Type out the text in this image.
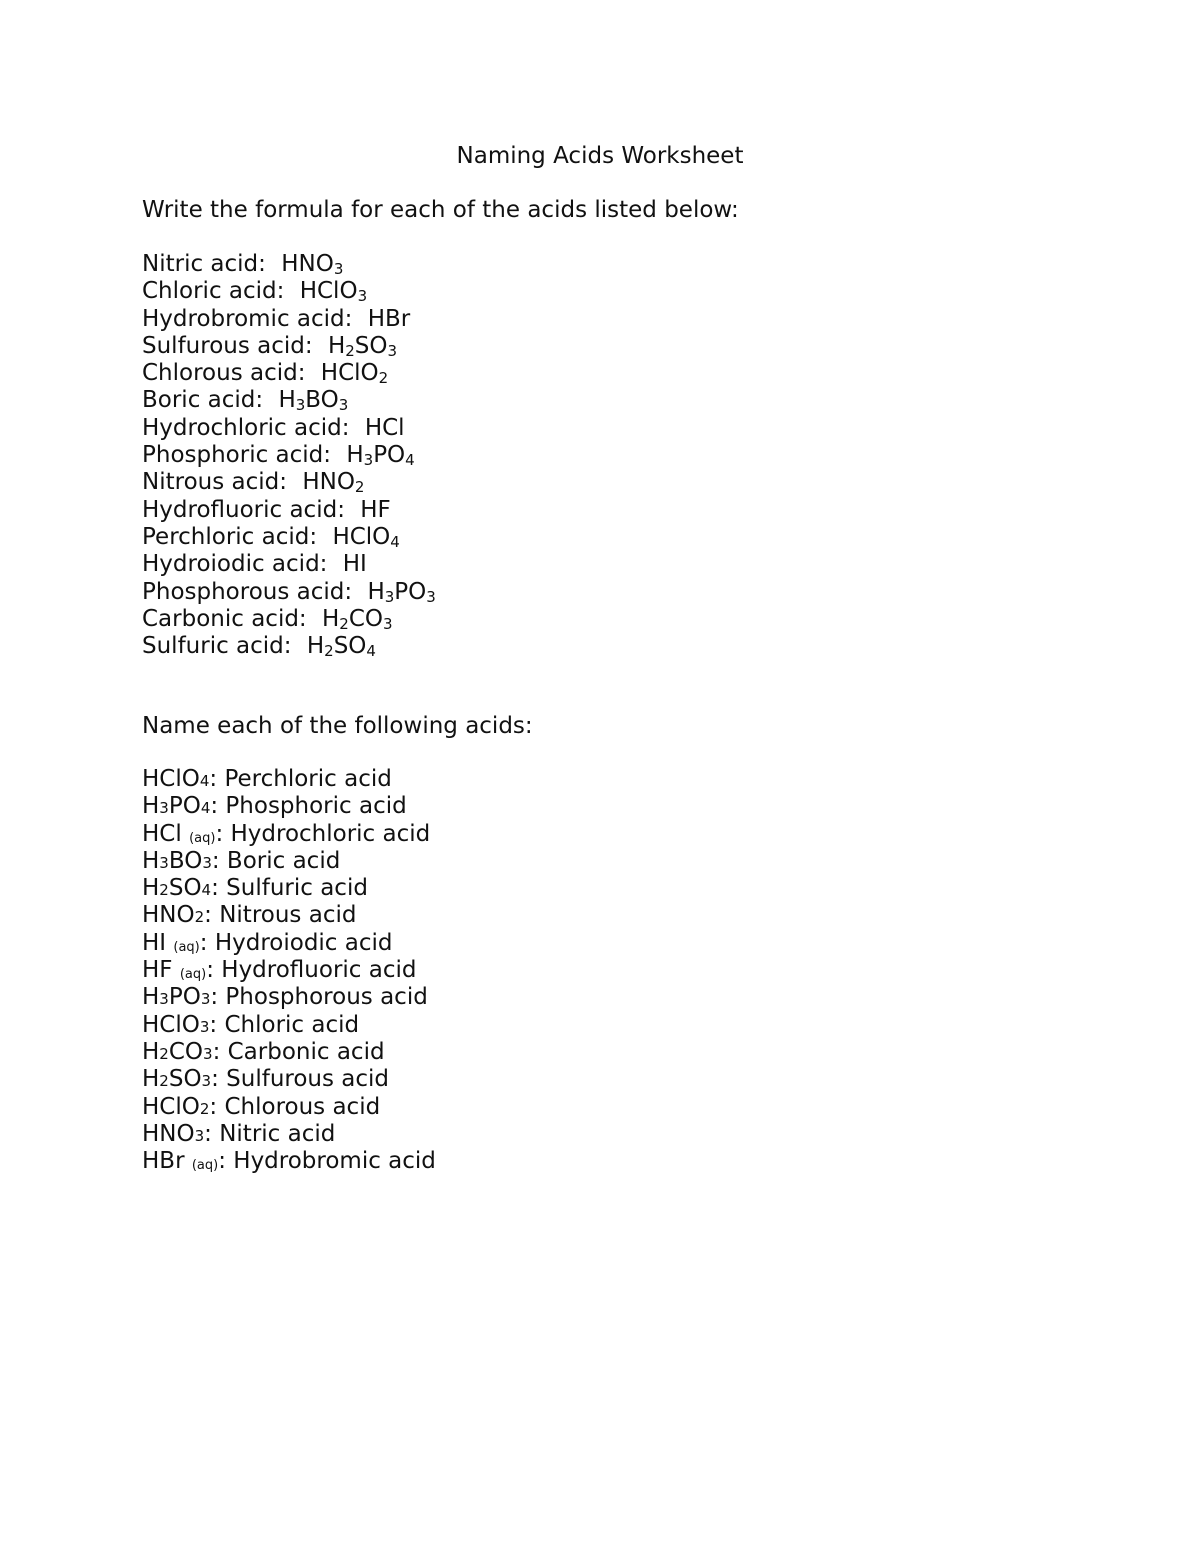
Naming Acids Worksheet
Write the formula for each of the acids listed below:
Nitric acid: $HNO_3$
Chloric acid: HClO$_3$
Hydrobromic acid: HBr
Sulfurous acid: $H_2SO_3$
Chlorous acid: HClO$_2$
Boric acid: $H_3BO_3$
Hydrochloric acid: HCl
Phosphoric acid: $H_3PO_4$
Nitrous acid: $HNO_2$
Hydrofluoric acid: HF
Perchloric acid: HClO$_4$
Hydroiodic acid: HI
Phosphorous acid: $H_3PO_3$
Carbonic acid: $H_2CO_3$
Sulfuric acid: $H_2SO_4$
Name each of the following acids:
HClO4: Perchloric acid
H3PO4: Phosphoric acid
HCl (aq): Hydrochloric acid
H3BO3: Boric acid
H2SO4: Sulfuric acid
HNO2: Nitrous acid
HI (aq): Hydroiodic acid
HF (aq): Hydrofluoric acid
H3PO3: Phosphorous acid
HClO3: Chloric acid
H2CO3: Carbonic acid
H2SO3: Sulfurous acid
HClO2: Chlorous acid
HNO3: Nitric acid
HBr (aq): Hydrobromic acid
